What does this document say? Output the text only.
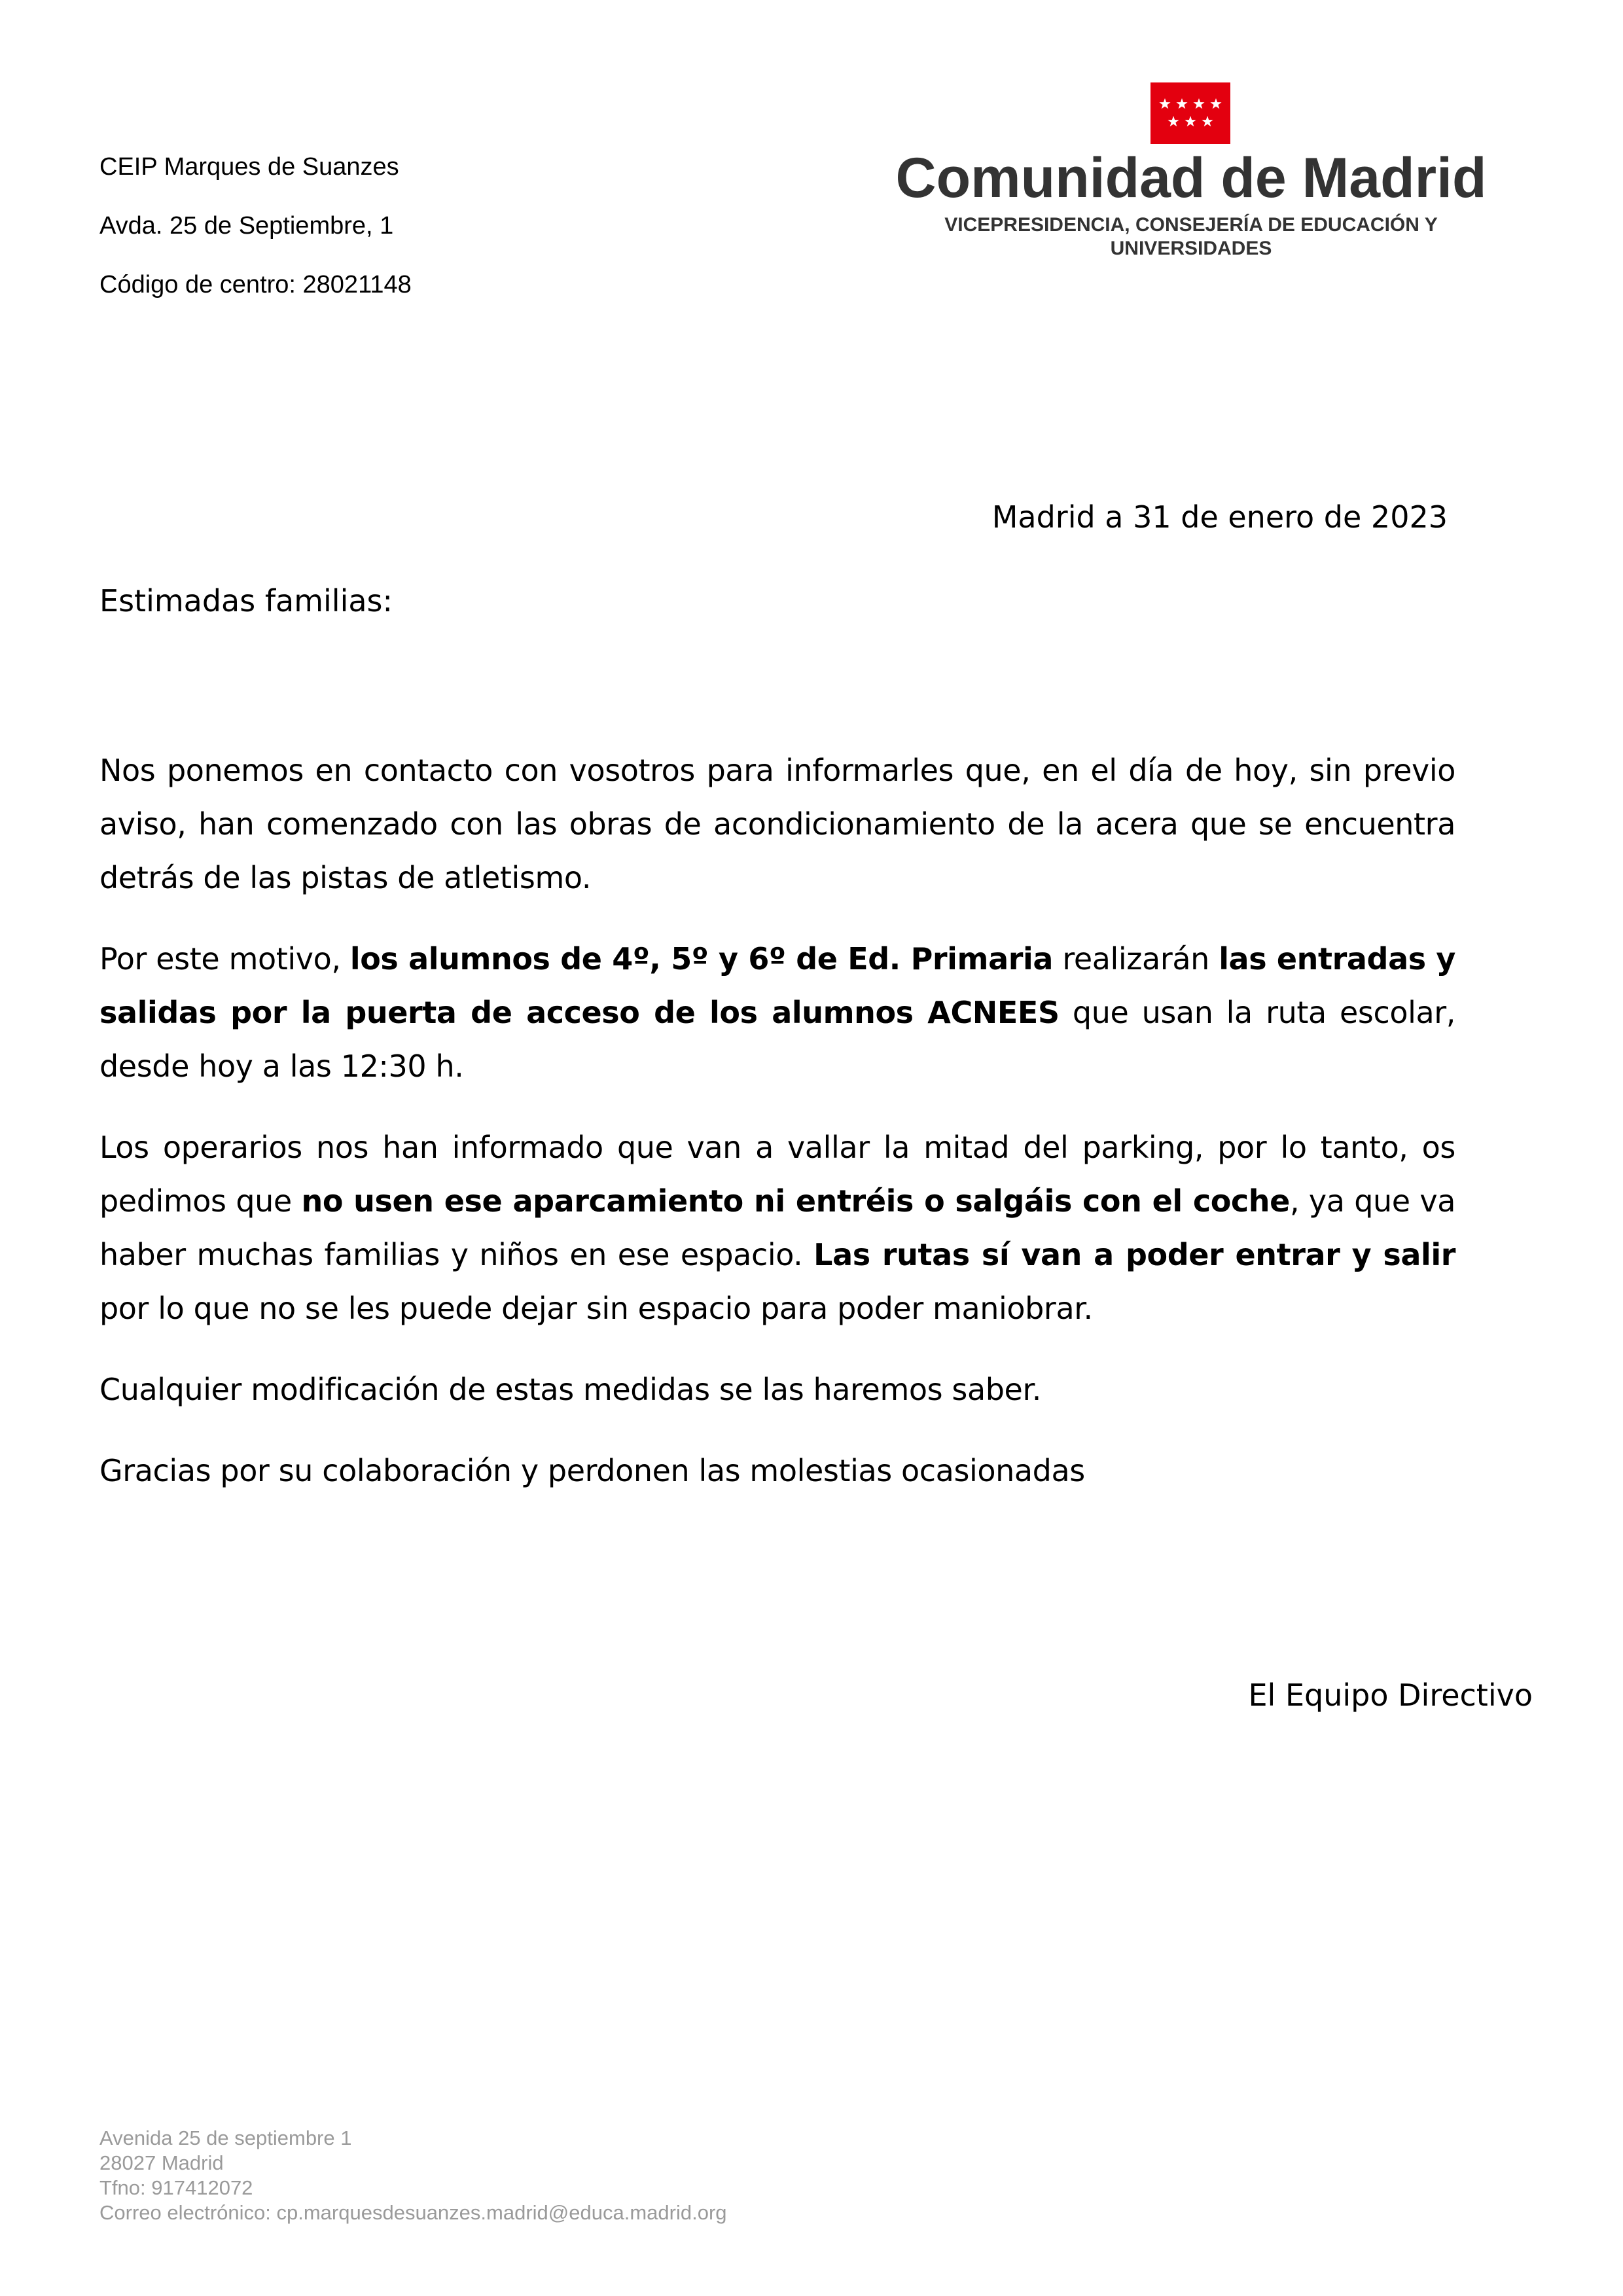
CEIP Marques de Suanzes
Avda. 25 de Septiembre, 1
Código de centro: 28021148
Comunidad de Madrid
VICEPRESIDENCIA, CONSEJERÍA DE EDUCACIÓN Y
UNIVERSIDADES
Madrid a 31 de enero de 2023
Estimadas familias:

Nos ponemos en contacto con vosotros para informarles que, en el día de hoy, sin previo aviso, han comenzado con las obras de acondicionamiento de la acera que se encuentra detrás de las pistas de atletismo.

Por este motivo, los alumnos de 4º, 5º y 6º de Ed. Primaria realizarán las entradas y salidas por la puerta de acceso de los alumnos ACNEES que usan la ruta escolar, desde hoy a las 12:30 h.

Los operarios nos han informado que van a vallar la mitad del parking, por lo tanto, os pedimos que no usen ese aparcamiento ni entréis o salgáis con el coche, ya que va haber muchas familias y niños en ese espacio. Las rutas sí van a poder entrar y salir por lo que no se les puede dejar sin espacio para poder maniobrar.

Cualquier modificación de estas medidas se las haremos saber.

Gracias por su colaboración y perdonen las molestias ocasionadas

El Equipo Directivo
Avenida 25 de septiembre 1
28027 Madrid
Tfno: 917412072
Correo electrónico: cp.marquesdesuanzes.madrid@educa.madrid.org
